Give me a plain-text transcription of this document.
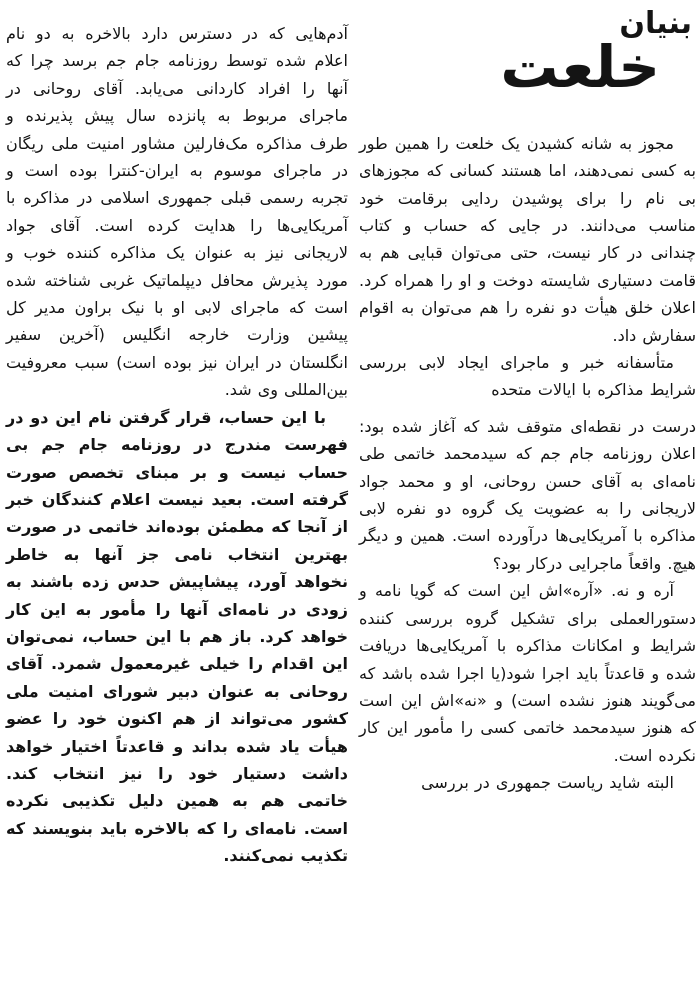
بنیان
خلعت

مجوز به شانه کشیدن یک خلعت را همین طور به کسی نمی‌دهند، اما هستند کسانی که مجوزهای بی نام را برای پوشیدن ردایی برقامت خود مناسب می‌دانند. در جایی که حساب و کتاب چندانی در کار نیست، حتی می‌توان قبایی هم به قامت دستیاری شایسته دوخت و او را همراه کرد. اعلان خلق هیأت دو نفره را هم می‌توان به اقوام سفارش داد.

متأسفانه خبر و ماجرای ایجاد لابی بررسی شرایط مذاکره با ایالات متحده

درست در نقطه‌ای متوقف شد که آغاز شده بود: اعلان روزنامه جام جم که سیدمحمد خاتمی طی نامه‌ای به آقای حسن روحانی، او و محمد جواد لاریجانی را به عضویت یک گروه دو نفره لابی مذاکره با آمریکایی‌ها درآورده است. همین و دیگر هیچ. واقعاً ماجرایی درکار بود؟

آره و نه. «آره»اش این است که گویا نامه و دستورالعملی برای تشکیل گروه بررسی کننده شرایط و امکانات مذاکره با آمریکایی‌ها دریافت شده و قاعدتاً باید اجرا شود(یا اجرا شده باشد که می‌گویند هنوز نشده است) و «نه»اش این است که هنوز سیدمحمد خاتمی کسی را مأمور این کار نکرده است.

البته شاید ریاست جمهوری در بررسی

آدم‌هایی که در دسترس دارد بالاخره به دو نام اعلام شده توسط روزنامه جام جم برسد چرا که آنها را افراد کاردانی می‌یابد. آقای روحانی در ماجرای مربوط به پانزده سال پیش پذیرنده و طرف مذاکره مک‌فارلین مشاور امنیت ملی ریگان در ماجرای موسوم به ایران-کنترا بوده است و تجربه رسمی قبلی جمهوری اسلامی در مذاکره با آمریکایی‌ها را هدایت کرده است. آقای جواد لاریجانی نیز به عنوان یک مذاکره کننده خوب و مورد پذیرش محافل دیپلماتیک غربی شناخته شده است که ماجرای لابی او با نیک براون مدیر کل پیشین وزارت خارجه انگلیس (آخرین سفیر انگلستان در ایران نیز بوده است) سبب معروفیت بین‌المللی وی شد.

با این حساب، قرار گرفتن نام این دو در فهرست مندرج در روزنامه جام جم بی حساب نیست و بر مبنای تخصص صورت گرفته است. بعید نیست اعلام کنندگان خبر از آنجا که مطمئن بوده‌اند خاتمی در صورت بهترین انتخاب نامی جز آنها به خاطر نخواهد آورد، پیشاپیش حدس زده باشند به زودی در نامه‌ای آنها را مأمور به این کار خواهد کرد. باز هم با این حساب، نمی‌توان این اقدام را خیلی غیرمعمول شمرد. آقای روحانی به عنوان دبیر شورای امنیت ملی کشور می‌تواند از هم اکنون خود را عضو هیأت یاد شده بداند و قاعدتاً اختیار خواهد داشت دستیار خود را نیز انتخاب کند. خاتمی هم به همین دلیل تکذیبی نکرده است. نامه‌ای را که بالاخره باید بنویسند که تکذیب نمی‌کنند.
